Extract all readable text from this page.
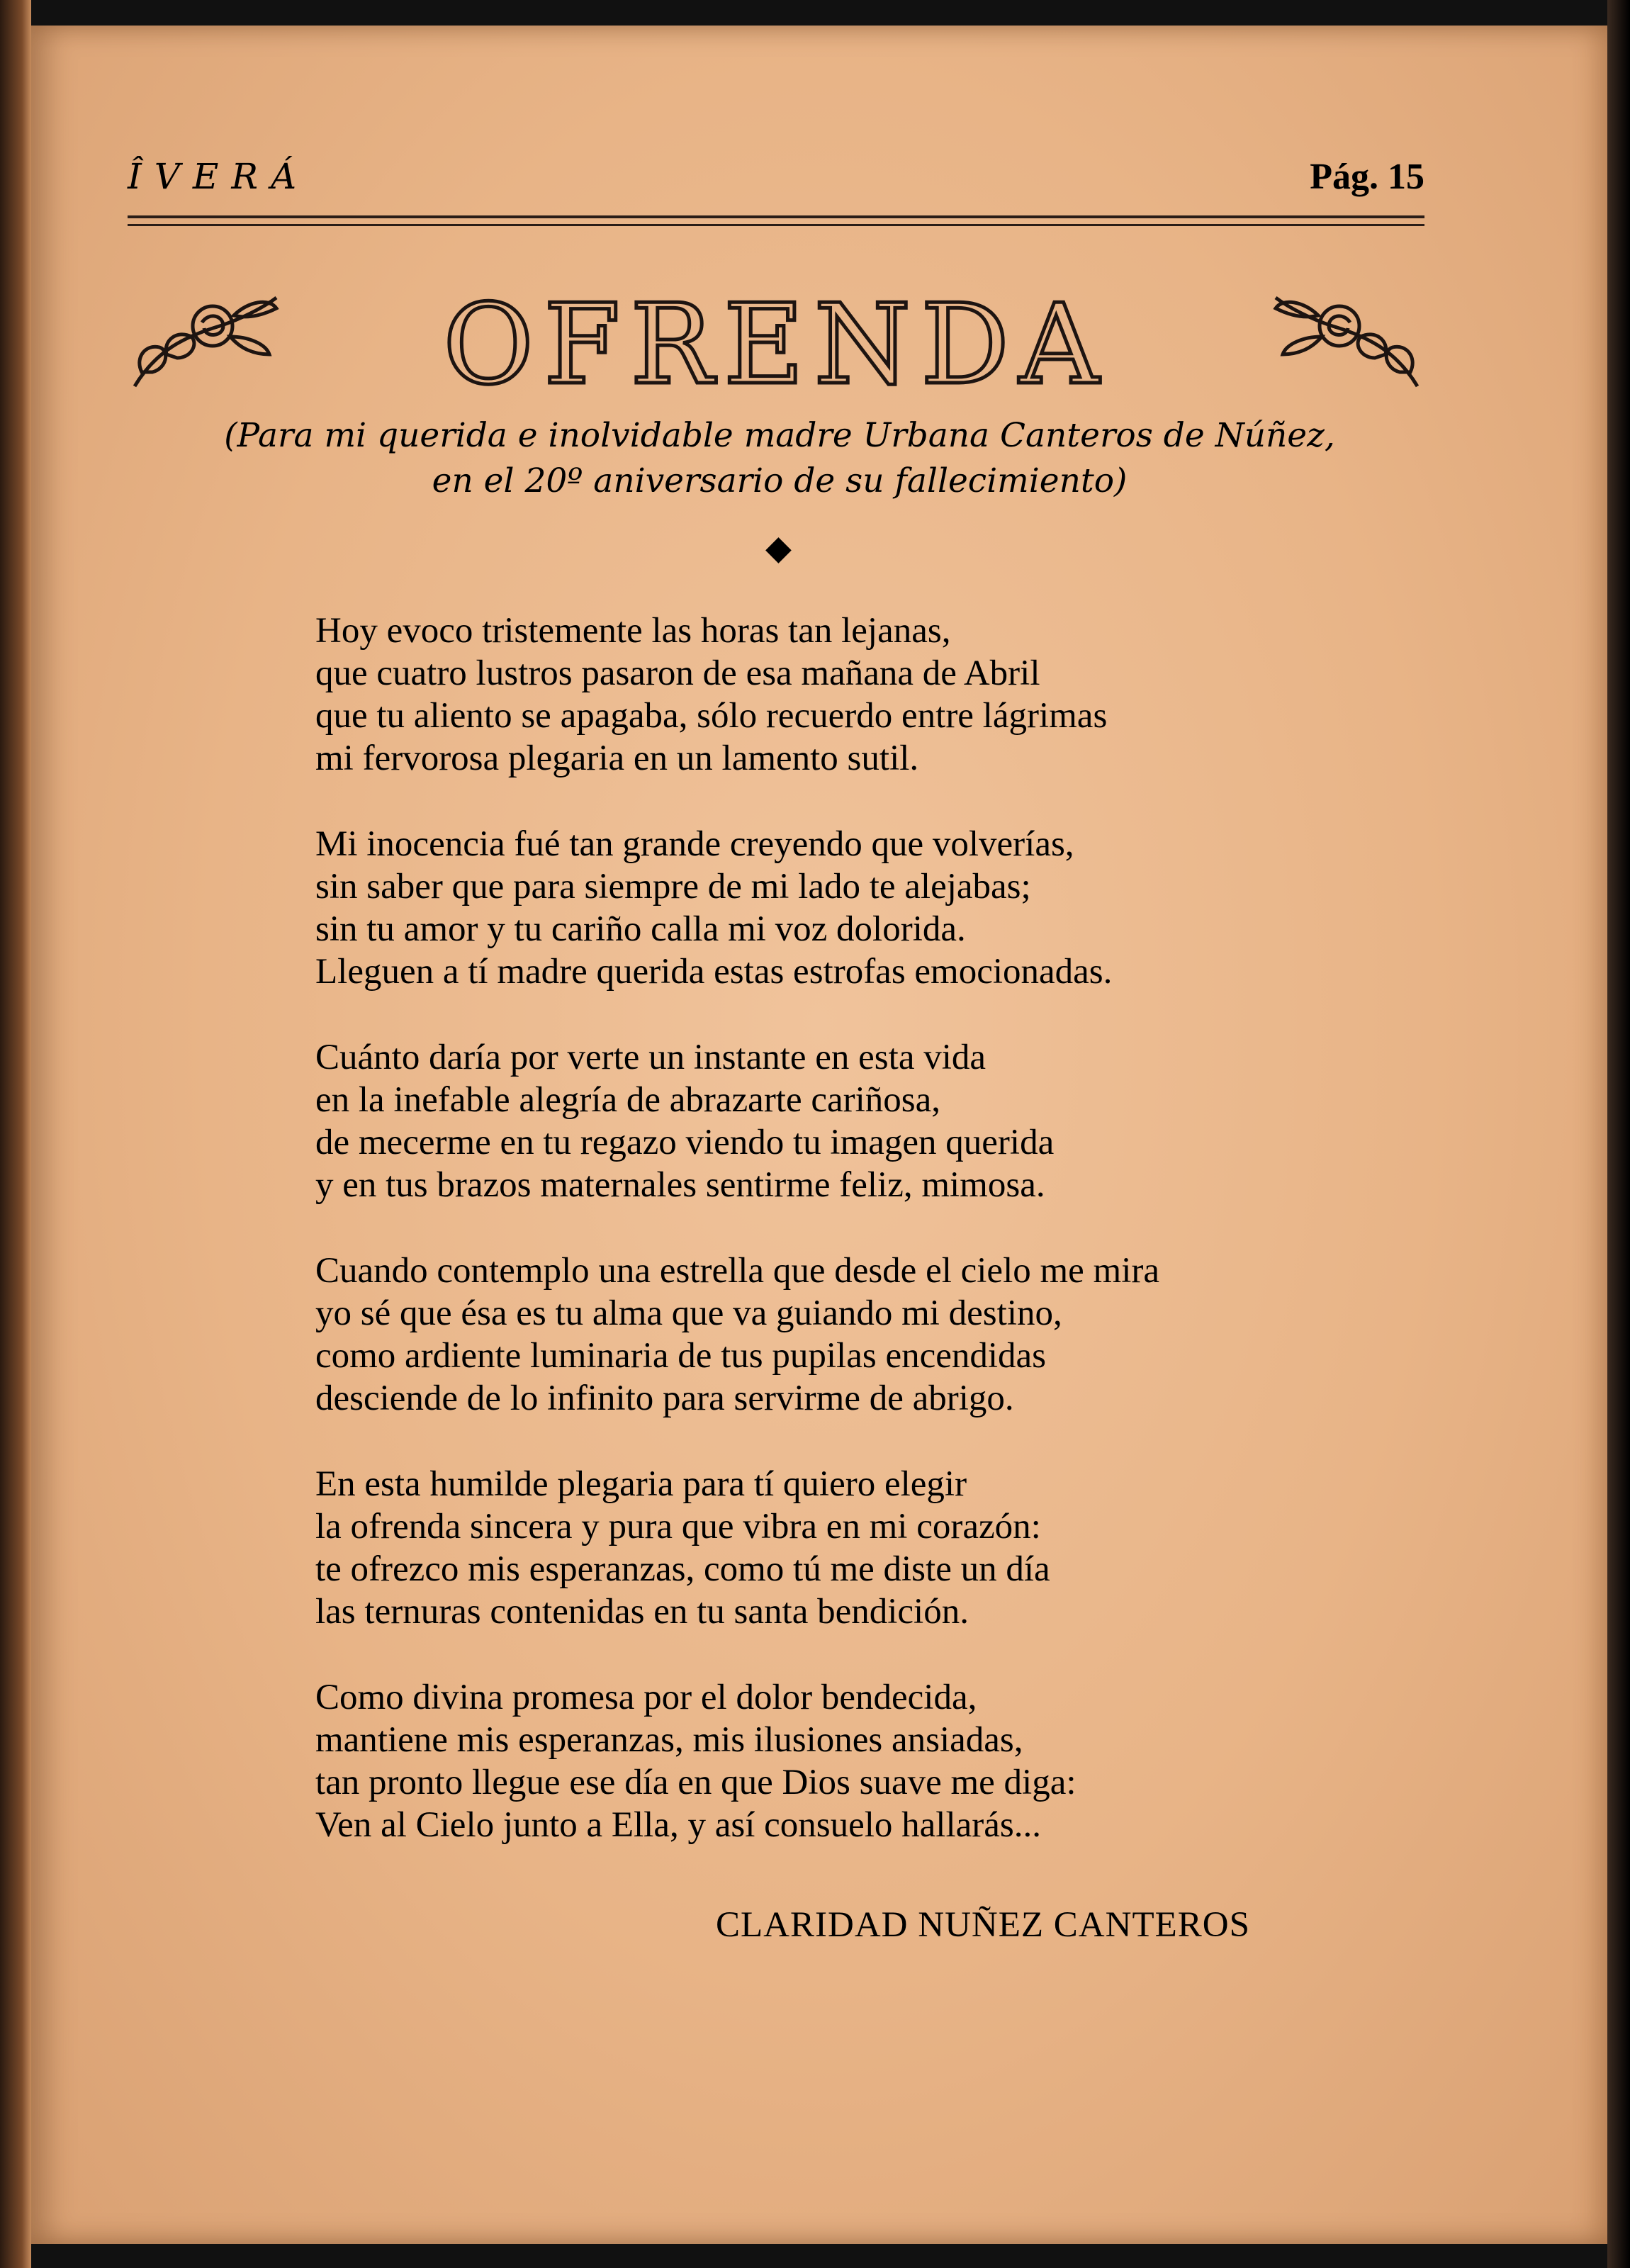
ÎVERÁ	Pág. 15
OFRENDA
(Para mi querida e inolvidable madre Urbana Canteros de Núñez,
en el 20º aniversario de su fallecimiento)
◆
Hoy evoco tristemente las horas tan lejanas,
que cuatro lustros pasaron de esa mañana de Abril
que tu aliento se apagaba, sólo recuerdo entre lágrimas
mi fervorosa plegaria en un lamento sutil.
Mi inocencia fué tan grande creyendo que volverías,
sin saber que para siempre de mi lado te alejabas;
sin tu amor y tu cariño calla mi voz dolorida.
Lleguen a tí madre querida estas estrofas emocionadas.
Cuánto daría por verte un instante en esta vida
en la inefable alegría de abrazarte cariñosa,
de mecerme en tu regazo viendo tu imagen querida
y en tus brazos maternales sentirme feliz, mimosa.
Cuando contemplo una estrella que desde el cielo me mira
yo sé que ésa es tu alma que va guiando mi destino,
como ardiente luminaria de tus pupilas encendidas
desciende de lo infinito para servirme de abrigo.
En esta humilde plegaria para tí quiero elegir
la ofrenda sincera y pura que vibra en mi corazón:
te ofrezco mis esperanzas, como tú me diste un día
las ternuras contenidas en tu santa bendición.
Como divina promesa por el dolor bendecida,
mantiene mis esperanzas, mis ilusiones ansiadas,
tan pronto llegue ese día en que Dios suave me diga:
Ven al Cielo junto a Ella, y así consuelo hallarás...
CLARIDAD NUÑEZ CANTEROS
